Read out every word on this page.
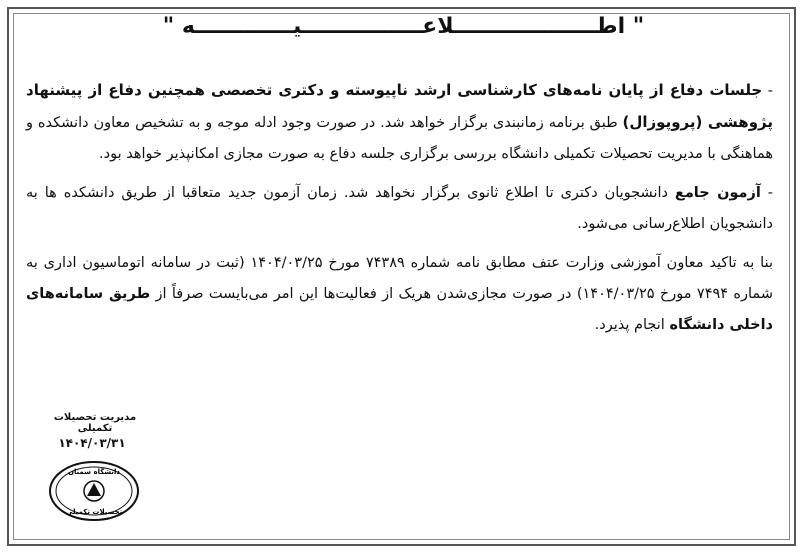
" اطـــــــــــــــــــلاعــــــــــــــــیـــــــــــــه "

- جلسات دفاع از پایان نامه‌های کارشناسی ارشد ناپیوسته و دکتری تخصصی همچنین دفاع از پیشنهاد پژوهشی (پروپوزال) طبق برنامه زمانبندی برگزار خواهد شد. در صورت وجود ادله موجه و به تشخیص معاون دانشکده و هماهنگی با مدیریت تحصیلات تکمیلی دانشگاه بررسی برگزاری جلسه دفاع به صورت مجازی امکانپذیر خواهد بود.

- آزمون جامع دانشجویان دکتری تا اطلاع ثانوی برگزار نخواهد شد. زمان آزمون جدید متعاقبا از طریق دانشکده ها به دانشجویان اطلاع‌رسانی می‌شود.

بنا به تاکید معاون آموزشی وزارت عتف مطابق نامه شماره ۷۴۳۸۹ مورخ ۱۴۰۴/۰۳/۲۵ (ثبت در سامانه اتوماسیون اداری به شماره ۷۴۹۴ مورخ ۱۴۰۴/۰۳/۲۵) در صورت مجازی‌شدن هریک از فعالیت‌ها این امر می‌بایست صرفاً از طریق سامانه‌های داخلی دانشگاه انجام پذیرد.

مدیریت تحصیلات تکمیلی
۱۴۰۴/۰۳/۳۱
دانشگاه سمنان
تحصیلات تکمیلی
